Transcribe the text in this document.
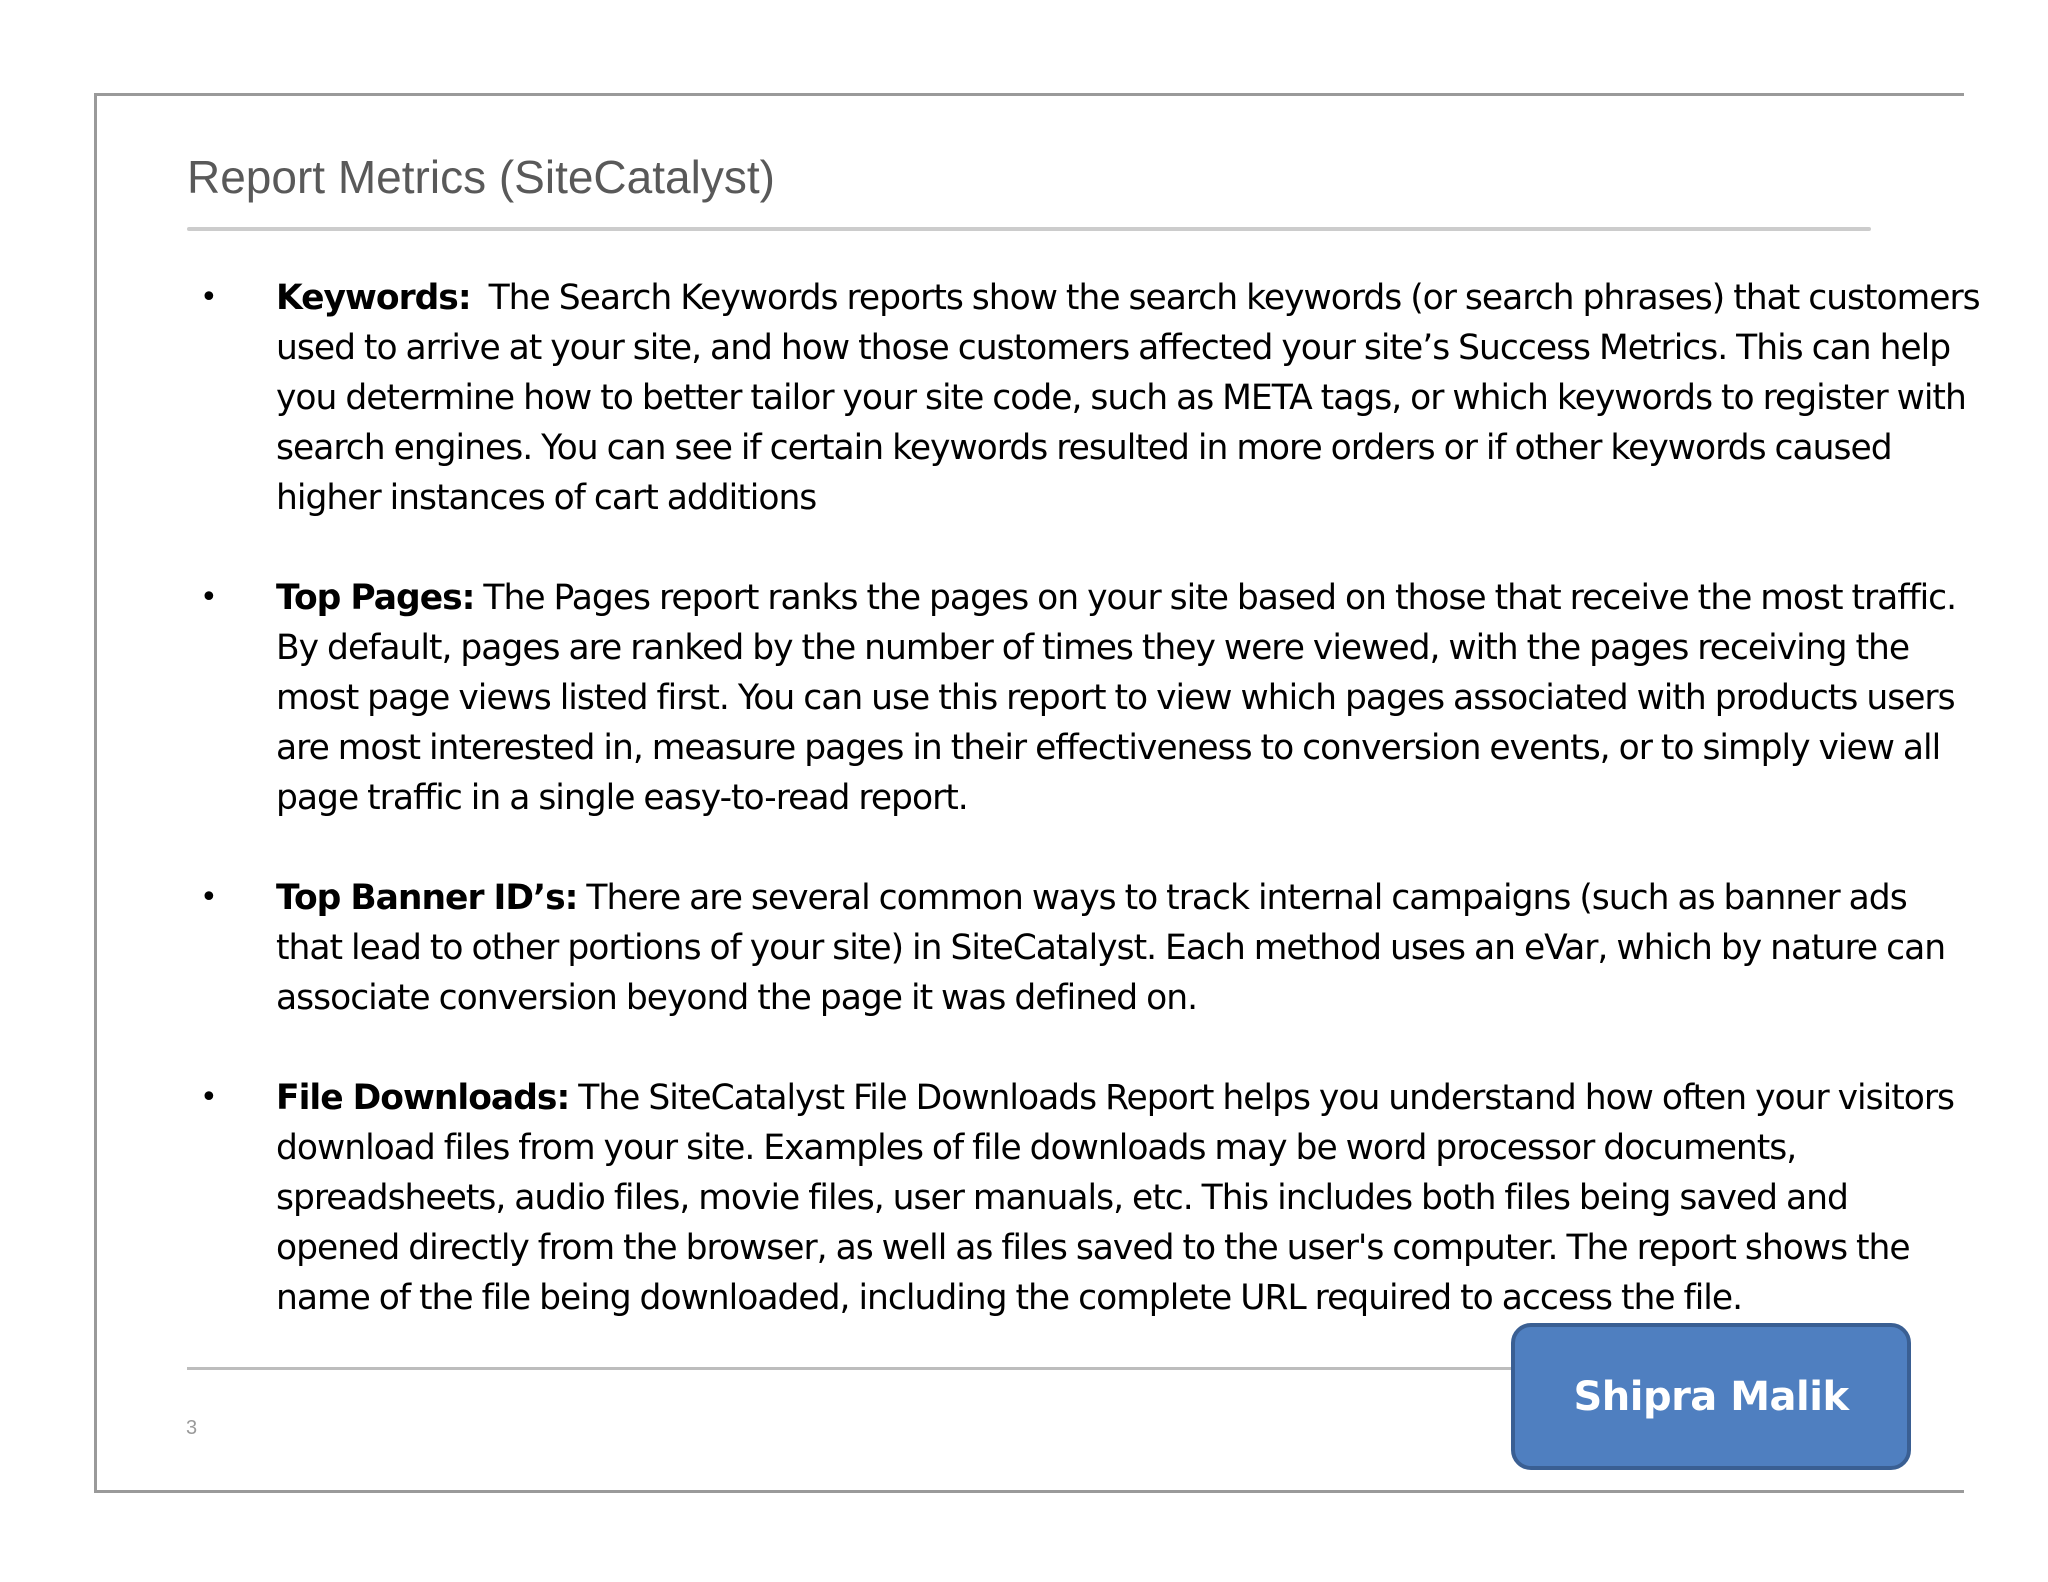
Report Metrics (SiteCatalyst)
• Keywords:  The Search Keywords reports show the search keywords (or search phrases) that customers used to arrive at your site, and how those customers affected your site’s Success Metrics. This can help you determine how to better tailor your site code, such as META tags, or which keywords to register with search engines. You can see if certain keywords resulted in more orders or if other keywords caused higher instances of cart additions
• Top Pages: The Pages report ranks the pages on your site based on those that receive the most traffic. By default, pages are ranked by the number of times they were viewed, with the pages receiving the most page views listed first. You can use this report to view which pages associated with products users are most interested in, measure pages in their effectiveness to conversion events, or to simply view all page traffic in a single easy-to-read report.
• Top Banner ID’s: There are several common ways to track internal campaigns (such as banner ads that lead to other portions of your site) in SiteCatalyst. Each method uses an eVar, which by nature can associate conversion beyond the page it was defined on.
• File Downloads: The SiteCatalyst File Downloads Report helps you understand how often your visitors download files from your site. Examples of file downloads may be word processor documents, spreadsheets, audio files, movie files, user manuals, etc. This includes both files being saved and opened directly from the browser, as well as files saved to the user's computer. The report shows the name of the file being downloaded, including the complete URL required to access the file.
3
Shipra Malik
